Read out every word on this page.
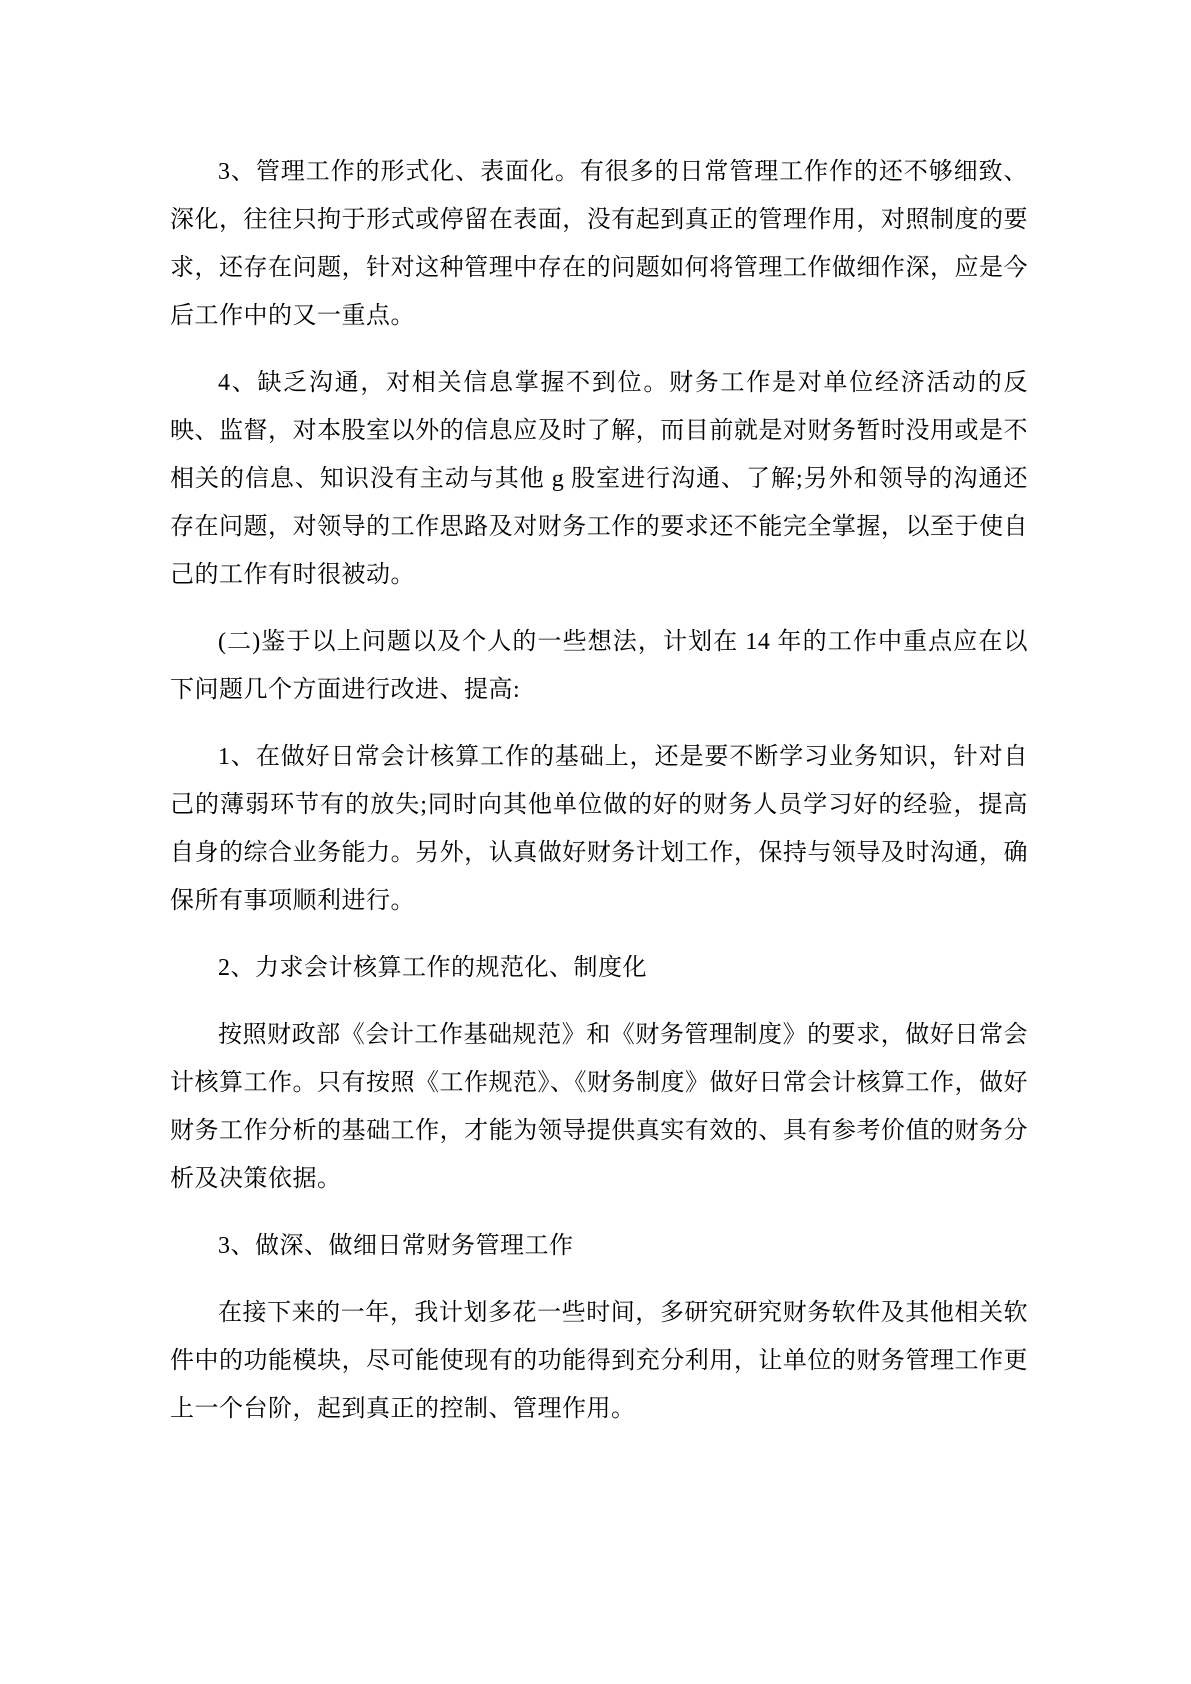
3、管理工作的形式化、表面化。有很多的日常管理工作作的还不够细致、深化，往往只拘于形式或停留在表面，没有起到真正的管理作用，对照制度的要求，还存在问题，针对这种管理中存在的问题如何将管理工作做细作深，应是今后工作中的又一重点。

4、缺乏沟通，对相关信息掌握不到位。财务工作是对单位经济活动的反映、监督，对本股室以外的信息应及时了解，而目前就是对财务暂时没用或是不相关的信息、知识没有主动与其他 g 股室进行沟通、了解;另外和领导的沟通还存在问题，对领导的工作思路及对财务工作的要求还不能完全掌握，以至于使自己的工作有时很被动。

(二)鉴于以上问题以及个人的一些想法，计划在 14 年的工作中重点应在以下问题几个方面进行改进、提高:

1、在做好日常会计核算工作的基础上，还是要不断学习业务知识，针对自己的薄弱环节有的放失;同时向其他单位做的好的财务人员学习好的经验，提高自身的综合业务能力。另外，认真做好财务计划工作，保持与领导及时沟通，确保所有事项顺利进行。

2、力求会计核算工作的规范化、制度化

按照财政部《会计工作基础规范》和《财务管理制度》的要求，做好日常会计核算工作。只有按照《工作规范》、《财务制度》做好日常会计核算工作，做好财务工作分析的基础工作，才能为领导提供真实有效的、具有参考价值的财务分析及决策依据。

3、做深、做细日常财务管理工作

在接下来的一年，我计划多花一些时间，多研究研究财务软件及其他相关软件中的功能模块，尽可能使现有的功能得到充分利用，让单位的财务管理工作更上一个台阶，起到真正的控制、管理作用。
